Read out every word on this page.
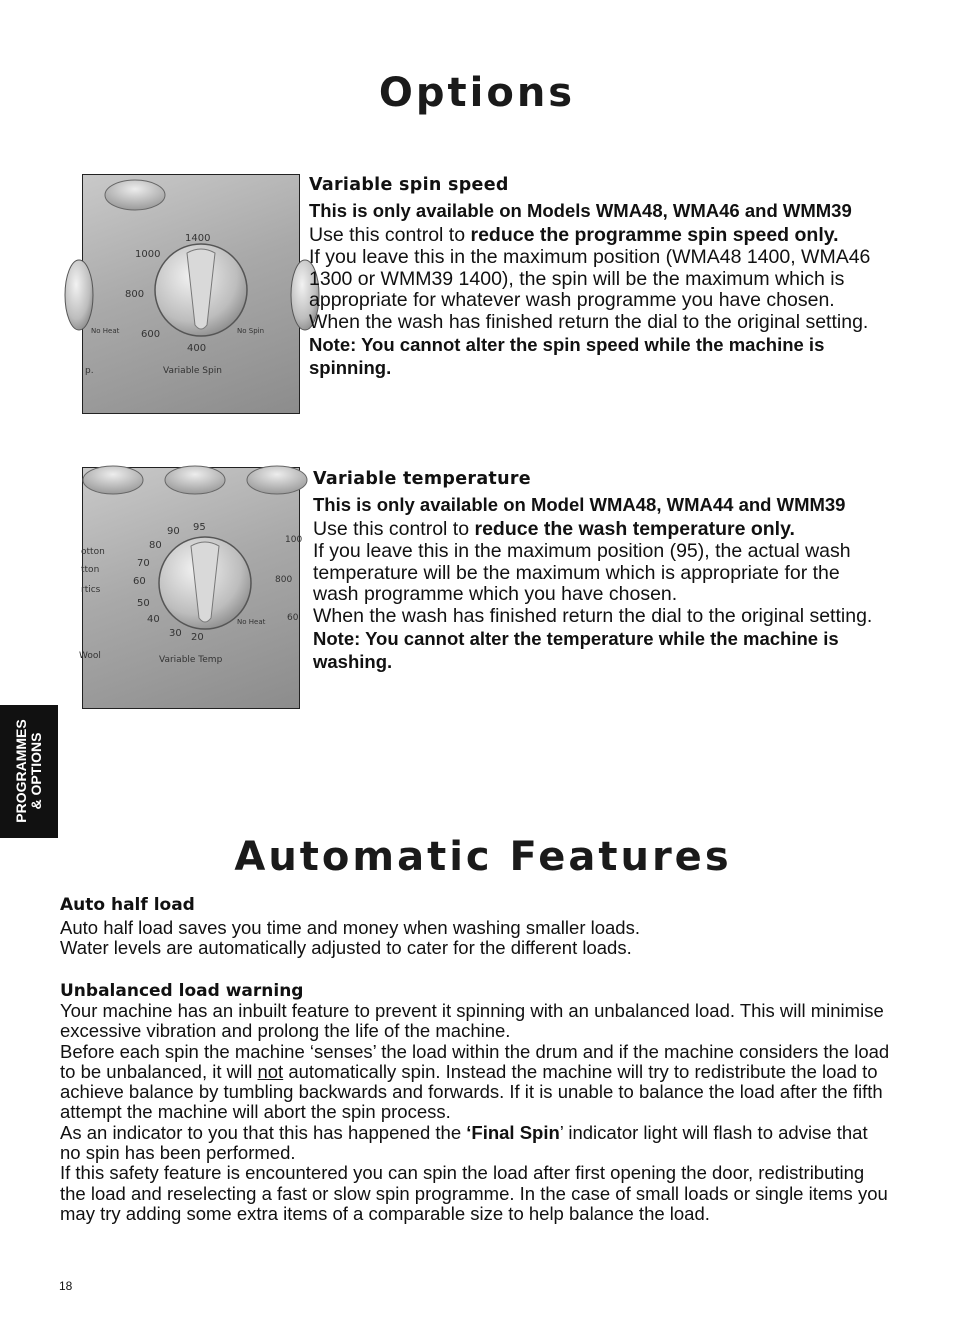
Options
1400
1000
800
600
400
No Spin
No Heat
Variable Spin
p.
Variable spin speed
This is only available on Models WMA48, WMA46 and WMM39
Use this control to reduce the programme spin speed only.
If you leave this in the maximum position (WMA48 1400, WMA46 1300 or WMM39 1400), the spin will be the maximum which is appropriate for whatever wash programme you have chosen.
When the wash has finished return the dial to the original setting.
Note: You cannot alter the spin speed while the machine is spinning.
95
90
80
70
60
50
40
30 20
No Heat
Variable Temp
otton
tton
rtics
Wool
100
800
60
Variable temperature
This is only available on Model WMA48, WMA44 and WMM39
Use this control to reduce the wash temperature only.
If you leave this in the maximum position (95), the actual wash temperature will be the maximum which is appropriate for the wash programme which you have chosen.
When the wash has finished return the dial to the original setting.
Note: You cannot alter the temperature while the machine is washing.
PROGRAMMES
& OPTIONS
Automatic Features
Auto half load
Auto half load saves you time and money when washing smaller loads.
Water levels are automatically adjusted to cater for the different loads.
Unbalanced load warning
Your machine has an inbuilt feature to prevent it spinning with an unbalanced load. This will minimise excessive vibration and prolong the life of the machine.
Before each spin the machine ‘senses’ the load within the drum and if the machine considers the load to be unbalanced, it will not automatically spin. Instead the machine will try to redistribute the load to achieve balance by tumbling backwards and forwards. If it is unable to balance the load after the fifth attempt the machine will abort the spin process.
As an indicator to you that this has happened the ‘Final Spin’ indicator light will flash to advise that no spin has been performed.
If this safety feature is encountered you can spin the load after first opening the door, redistributing the load and reselecting a fast or slow spin programme. In the case of small loads or single items you may try adding some extra items of a comparable size to help balance the load.
18
